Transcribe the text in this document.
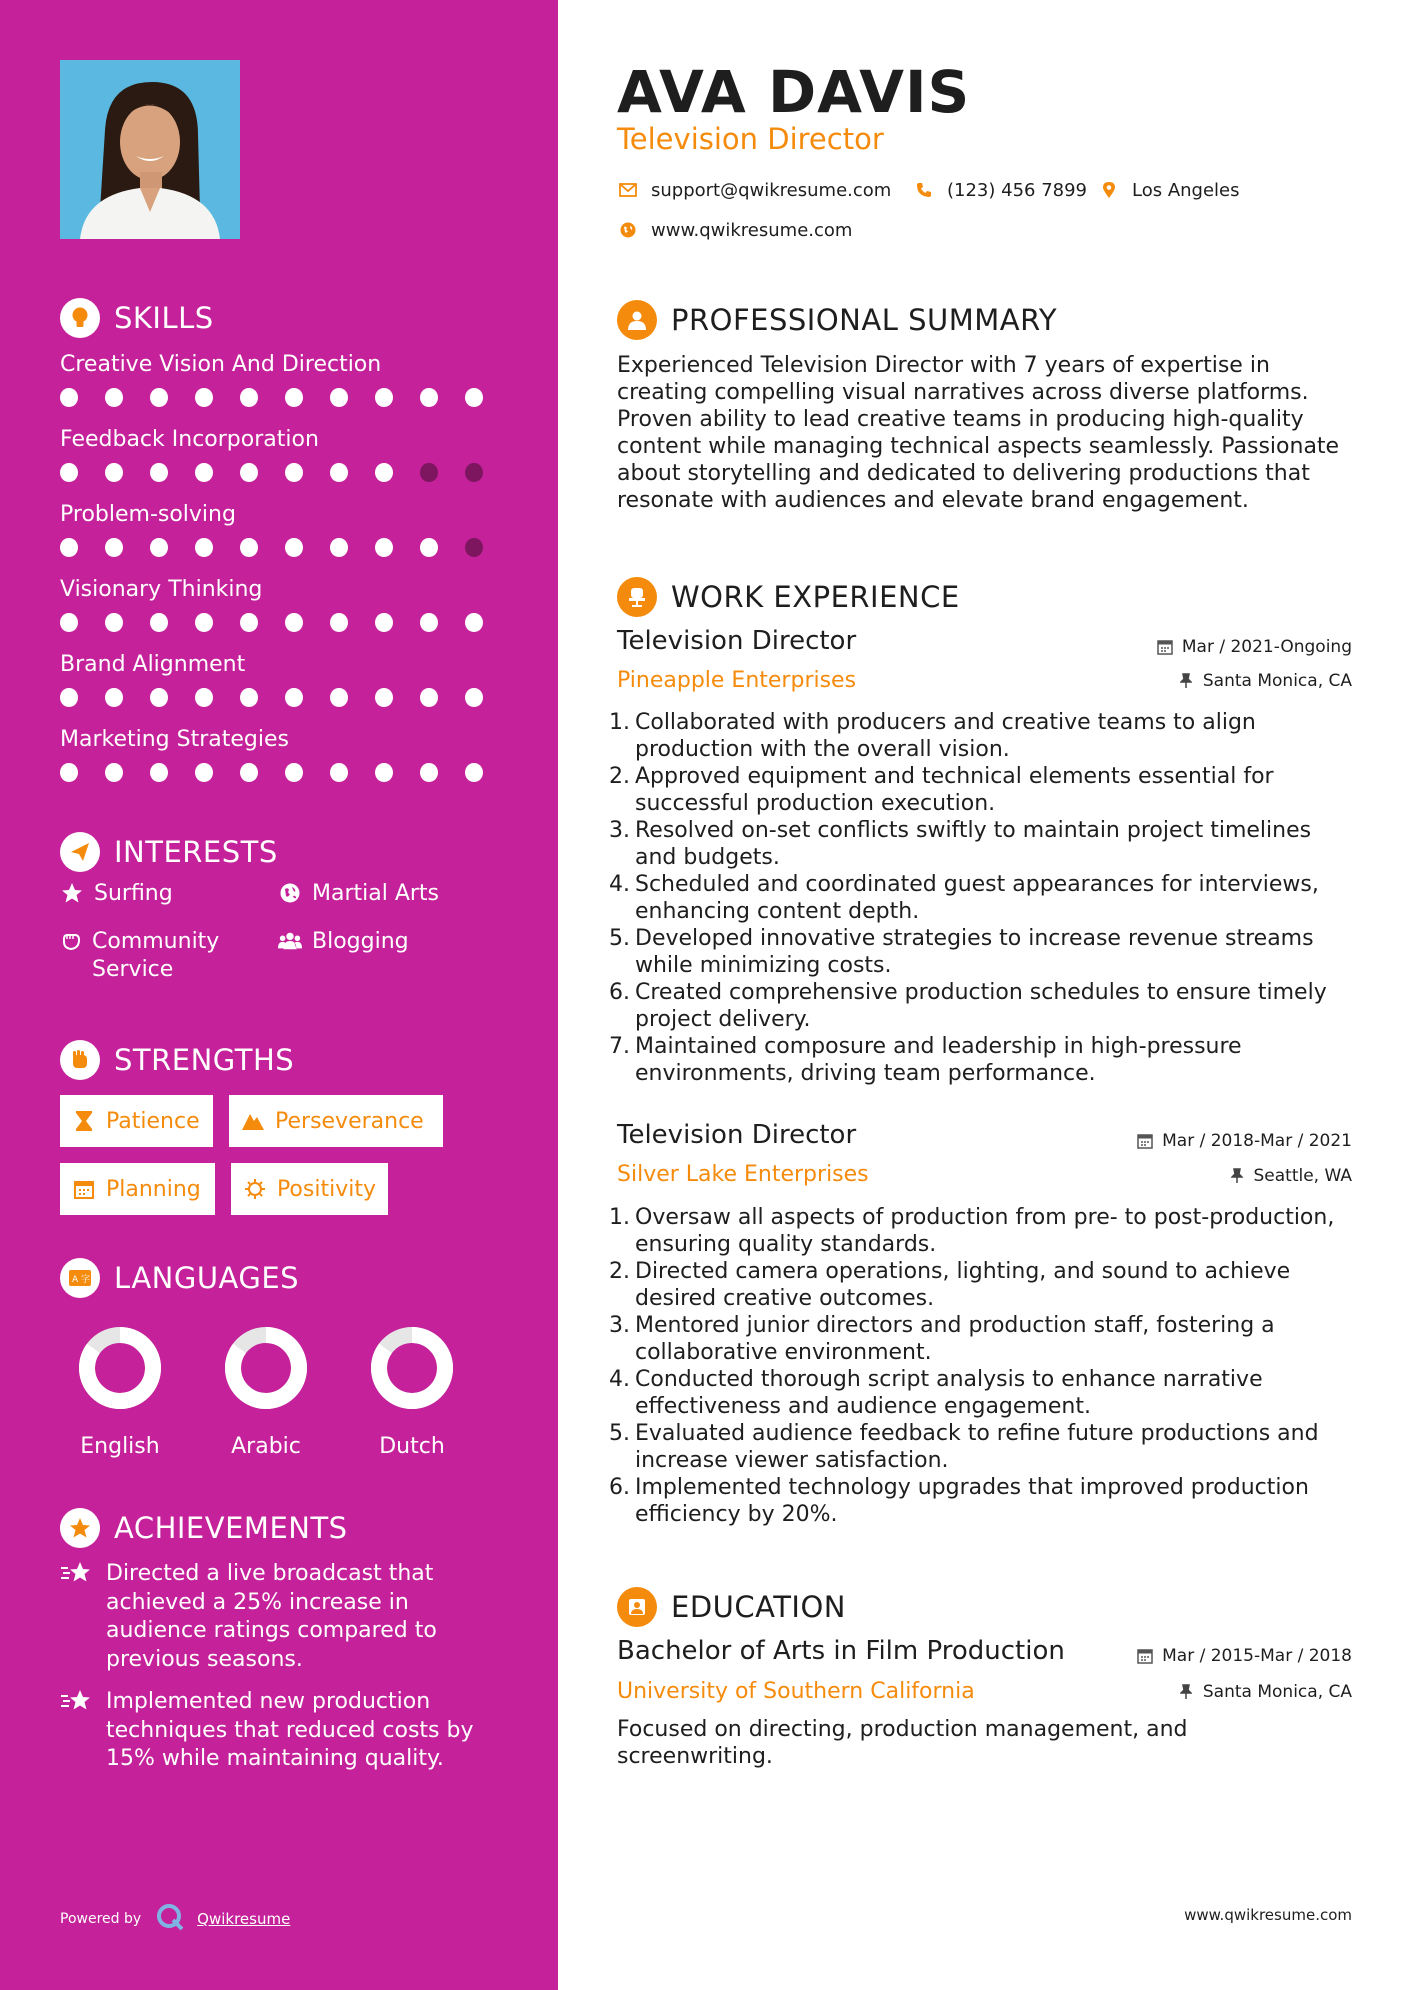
SKILLS
Creative Vision And Direction
Feedback Incorporation
Problem-solving
Visionary Thinking
Brand Alignment
Marketing Strategies
INTERESTS
Surfing	Martial Arts
Community Service
Blogging
STRENGTHS
Patience	Perseverance
Planning	Positivity
A 字 LANGUAGES
English	Arabic	Dutch
ACHIEVEMENTS

Directed a live broadcast that achieved a 25% increase in audience ratings compared to previous seasons.

Implemented new production techniques that reduced costs by 15% while maintaining quality.

Powered by	Qwikresume
AVA DAVIS
Television Director
support@qwikresume.com	(123) 456 7899 Los Angeles
www.qwikresume.com
PROFESSIONAL SUMMARY

Experienced Television Director with 7 years of expertise in creating compelling visual narratives across diverse platforms. Proven ability to lead creative teams in producing high-quality content while managing technical aspects seamlessly. Passionate about storytelling and dedicated to delivering productions that resonate with audiences and elevate brand engagement.

WORK EXPERIENCE
Television Director	Mar / 2021-Ongoing
Pineapple Enterprises	Santa Monica, CA
1. Collaborated with producers and creative teams to align production with the overall vision.
2. Approved equipment and technical elements essential for successful production execution.
3. Resolved on-set conflicts swiftly to maintain project timelines and budgets.
4. Scheduled and coordinated guest appearances for interviews, enhancing content depth.
5. Developed innovative strategies to increase revenue streams while minimizing costs.
6. Created comprehensive production schedules to ensure timely project delivery.
7. Maintained composure and leadership in high-pressure environments, driving team performance.
Television Director	Mar / 2018-Mar / 2021
Silver Lake Enterprises	Seattle, WA
1. Oversaw all aspects of production from pre- to post-production, ensuring quality standards.
2. Directed camera operations, lighting, and sound to achieve desired creative outcomes.
3. Mentored junior directors and production staff, fostering a collaborative environment.
4. Conducted thorough script analysis to enhance narrative effectiveness and audience engagement.
5. Evaluated audience feedback to refine future productions and increase viewer satisfaction.
6. Implemented technology upgrades that improved production efficiency by 20%.
EDUCATION
Bachelor of Arts in Film Production	Mar / 2015-Mar / 2018
University of Southern California	Santa Monica, CA

Focused on directing, production management, and screenwriting.

www.qwikresume.com
